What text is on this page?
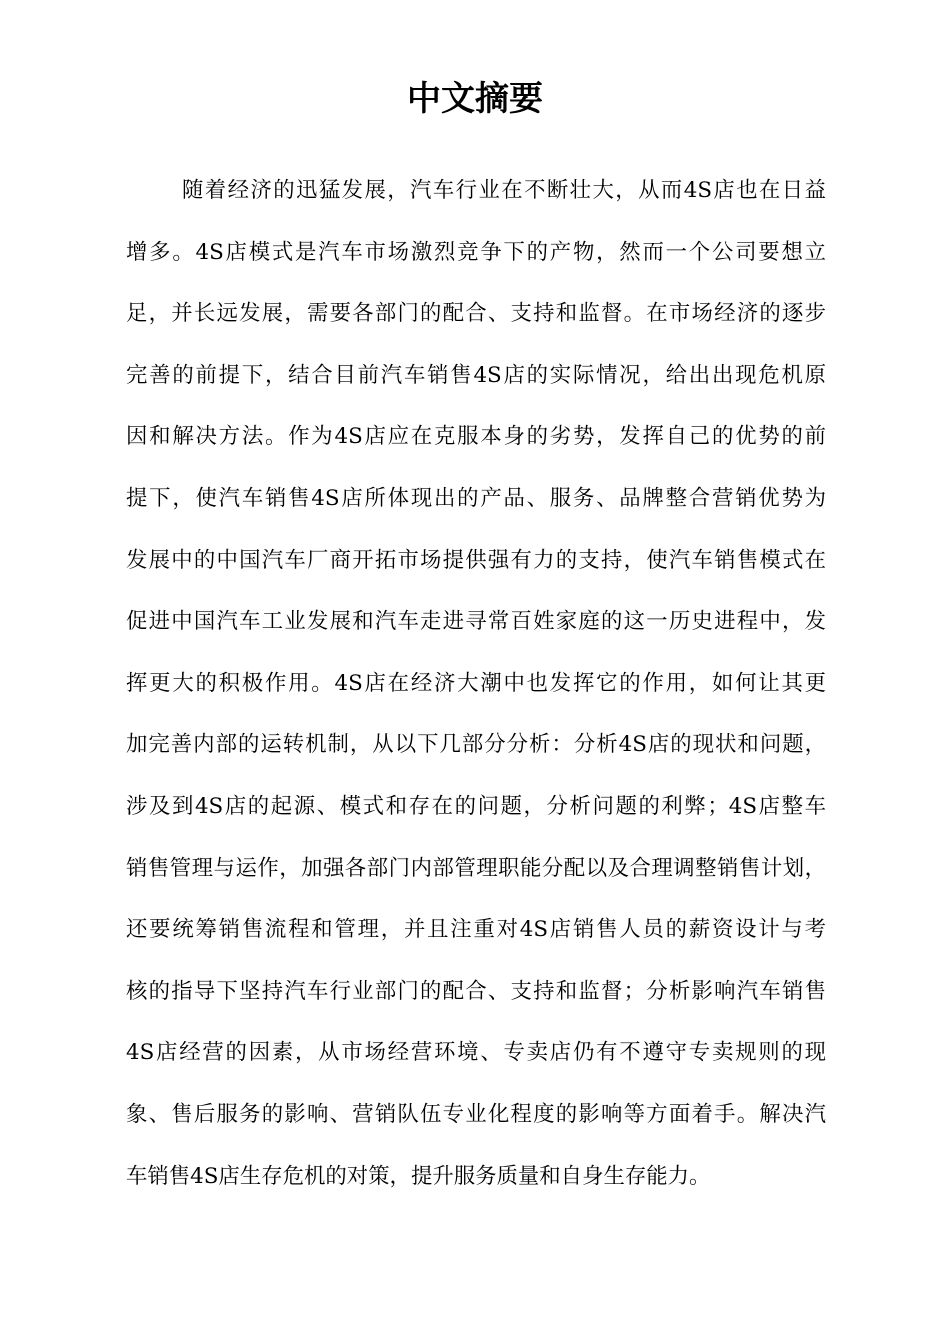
中文摘要
随着经济的迅猛发展，汽车行业在不断壮大，从而4S店也在日益
增多。4S店模式是汽车市场激烈竞争下的产物，然而一个公司要想立
足，并长远发展，需要各部门的配合、支持和监督。在市场经济的逐步
完善的前提下，结合目前汽车销售4S店的实际情况，给出出现危机原
因和解决方法。作为4S店应在克服本身的劣势，发挥自己的优势的前
提下，使汽车销售4S店所体现出的产品、服务、品牌整合营销优势为
发展中的中国汽车厂商开拓市场提供强有力的支持，使汽车销售模式在
促进中国汽车工业发展和汽车走进寻常百姓家庭的这一历史进程中，发
挥更大的积极作用。4S店在经济大潮中也发挥它的作用，如何让其更
加完善内部的运转机制，从以下几部分分析：分析4S店的现状和问题，
涉及到4S店的起源、模式和存在的问题，分析问题的利弊；4S店整车
销售管理与运作，加强各部门内部管理职能分配以及合理调整销售计划，
还要统筹销售流程和管理，并且注重对4S店销售人员的薪资设计与考
核的指导下坚持汽车行业部门的配合、支持和监督；分析影响汽车销售
4S店经营的因素，从市场经营环境、专卖店仍有不遵守专卖规则的现
象、售后服务的影响、营销队伍专业化程度的影响等方面着手。解决汽
车销售4S店生存危机的对策，提升服务质量和自身生存能力。
